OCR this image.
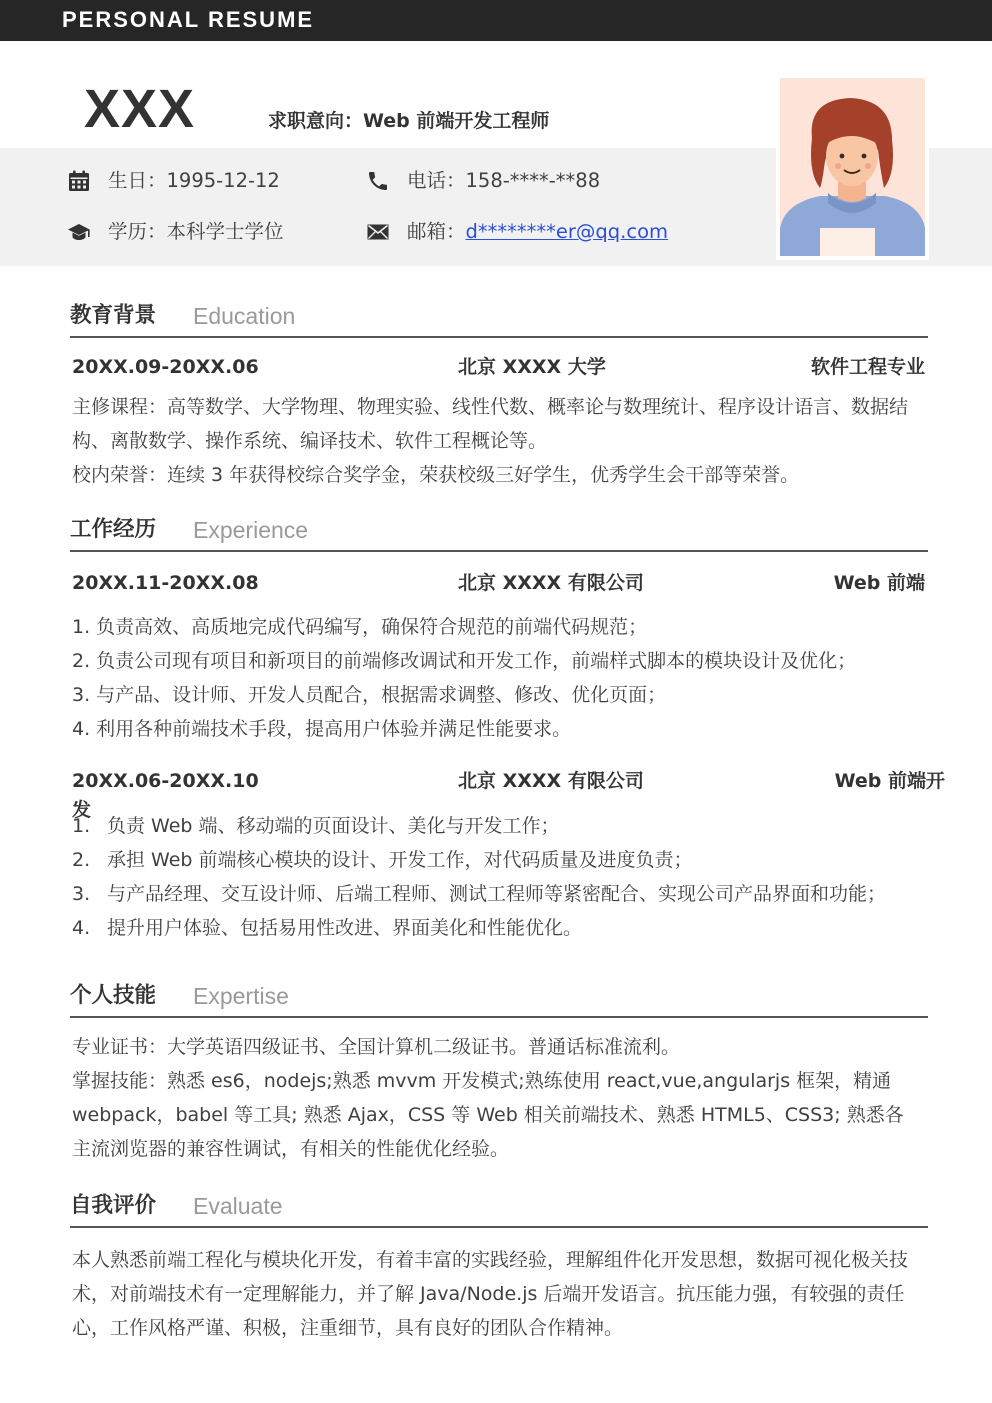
PERSONAL RESUME
XXX	求职意向：Web 前端开发工程师
生日：1995-12-12	电话：158-****-**88
学历：本科学士学位	邮箱： d********er@qq.com
教育背景 Education
20XX.09-20XX.06	北京 XXXX 大学	软件工程专业
主修课程：高等数学、大学物理、物理实验、线性代数、概率论与数理统计、程序设计语言、数据结构、离散数学、操作系统、编译技术、软件工程概论等。
校内荣誉：连续 3 年获得校综合奖学金，荣获校级三好学生，优秀学生会干部等荣誉。
工作经历 Experience
20XX.11-20XX.08	北京 XXXX 有限公司	Web 前端
1. 负责高效、高质地完成代码编写，确保符合规范的前端代码规范；
2. 负责公司现有项目和新项目的前端修改调试和开发工作，前端样式脚本的模块设计及优化；
3. 与产品、设计师、开发人员配合，根据需求调整、修改、优化页面；
4. 利用各种前端技术手段，提高用户体验并满足性能要求。
20XX.06-20XX.10	北京 XXXX 有限公司	Web 前端开
发
1. 负责 Web 端、移动端的页面设计、美化与开发工作；
2. 承担 Web 前端核心模块的设计、开发工作，对代码质量及进度负责；
3. 与产品经理、交互设计师、后端工程师、测试工程师等紧密配合、实现公司产品界面和功能；
4. 提升用户体验、包括易用性改进、界面美化和性能优化。
个人技能 Expertise
专业证书：大学英语四级证书、全国计算机二级证书。普通话标准流利。
掌握技能：熟悉 es6，nodejs;熟悉 mvvm 开发模式;熟练使用 react,vue,angularjs 框架，精通 webpack，babel 等工具; 熟悉 Ajax，CSS 等 Web 相关前端技术、熟悉 HTML5、CSS3; 熟悉各主流浏览器的兼容性调试，有相关的性能优化经验。
自我评价 Evaluate
本人熟悉前端工程化与模块化开发，有着丰富的实践经验，理解组件化开发思想，数据可视化极关技术，对前端技术有一定理解能力，并了解 Java/Node.js 后端开发语言。抗压能力强，有较强的责任心，工作风格严谨、积极，注重细节，具有良好的团队合作精神。
